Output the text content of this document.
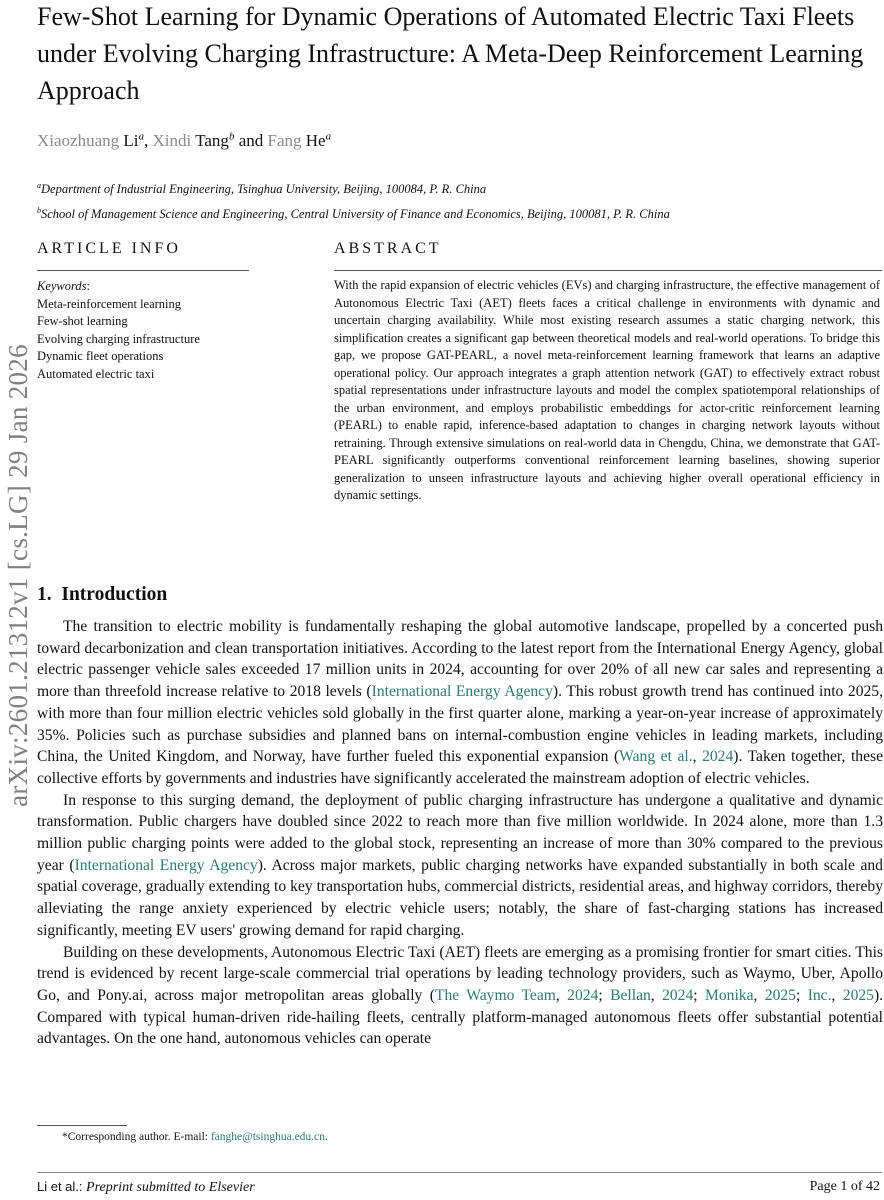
arXiv:2601.21312v1 [cs.LG] 29 Jan 2026
Few-Shot Learning for Dynamic Operations of Automated Electric Taxi Fleets under Evolving Charging Infrastructure: A Meta-Deep Reinforcement Learning Approach
Xiaozhuang Li$^a$, Xindi Tang$^b$ and Fang He$^a$
$^a$Department of Industrial Engineering, Tsinghua University, Beijing, 100084, P. R. China
$^b$School of Management Science and Engineering, Central University of Finance and Economics, Beijing, 100081, P. R. China
ARTICLE INFO
Keywords:
Meta-reinforcement learning
Few-shot learning
Evolving charging infrastructure
Dynamic fleet operations
Automated electric taxi
ABSTRACT

With the rapid expansion of electric vehicles (EVs) and charging infrastructure, the effective management of Autonomous Electric Taxi (AET) fleets faces a critical challenge in environments with dynamic and uncertain charging availability. While most existing research assumes a static charging network, this simplification creates a significant gap between theoretical models and real-world operations. To bridge this gap, we propose GAT-PEARL, a novel meta-reinforcement learning framework that learns an adaptive operational policy. Our approach integrates a graph attention network (GAT) to effectively extract robust spatial representations under infrastructure layouts and model the complex spatiotemporal relationships of the urban environment, and employs probabilistic embeddings for actor-critic reinforcement learning (PEARL) to enable rapid, inference-based adaptation to changes in charging network layouts without retraining. Through extensive simulations on real-world data in Chengdu, China, we demonstrate that GAT-PEARL significantly outperforms conventional reinforcement learning baselines, showing superior generalization to unseen infrastructure layouts and achieving higher overall operational efficiency in dynamic settings.

1. Introduction

The transition to electric mobility is fundamentally reshaping the global automotive landscape, propelled by a concerted push toward decarbonization and clean transportation initiatives. According to the latest report from the International Energy Agency, global electric passenger vehicle sales exceeded 17 million units in 2024, accounting for over 20% of all new car sales and representing a more than threefold increase relative to 2018 levels (International Energy Agency). This robust growth trend has continued into 2025, with more than four million electric vehicles sold globally in the first quarter alone, marking a year-on-year increase of approximately 35%. Policies such as purchase subsidies and planned bans on internal-combustion engine vehicles in leading markets, including China, the United Kingdom, and Norway, have further fueled this exponential expansion (Wang et al., 2024). Taken together, these collective efforts by governments and industries have significantly accelerated the mainstream adoption of electric vehicles.

In response to this surging demand, the deployment of public charging infrastructure has undergone a qualitative and dynamic transformation. Public chargers have doubled since 2022 to reach more than five million worldwide. In 2024 alone, more than 1.3 million public charging points were added to the global stock, representing an increase of more than 30% compared to the previous year (International Energy Agency). Across major markets, public charging networks have expanded substantially in both scale and spatial coverage, gradually extending to key transportation hubs, commercial districts, residential areas, and highway corridors, thereby alleviating the range anxiety experienced by electric vehicle users; notably, the share of fast-charging stations has increased significantly, meeting EV users' growing demand for rapid charging.

Building on these developments, Autonomous Electric Taxi (AET) fleets are emerging as a promising frontier for smart cities. This trend is evidenced by recent large-scale commercial trial operations by leading technology providers, such as Waymo, Uber, Apollo Go, and Pony.ai, across major metropolitan areas globally (The Waymo Team, 2024; Bellan, 2024; Monika, 2025; Inc., 2025). Compared with typical human-driven ride-hailing fleets, centrally platform-managed autonomous fleets offer substantial potential advantages. On the one hand, autonomous vehicles can operate

*Corresponding author. E-mail: fanghe@tsinghua.edu.cn.
Li et al.: Preprint submitted to Elsevier	Page 1 of 42
